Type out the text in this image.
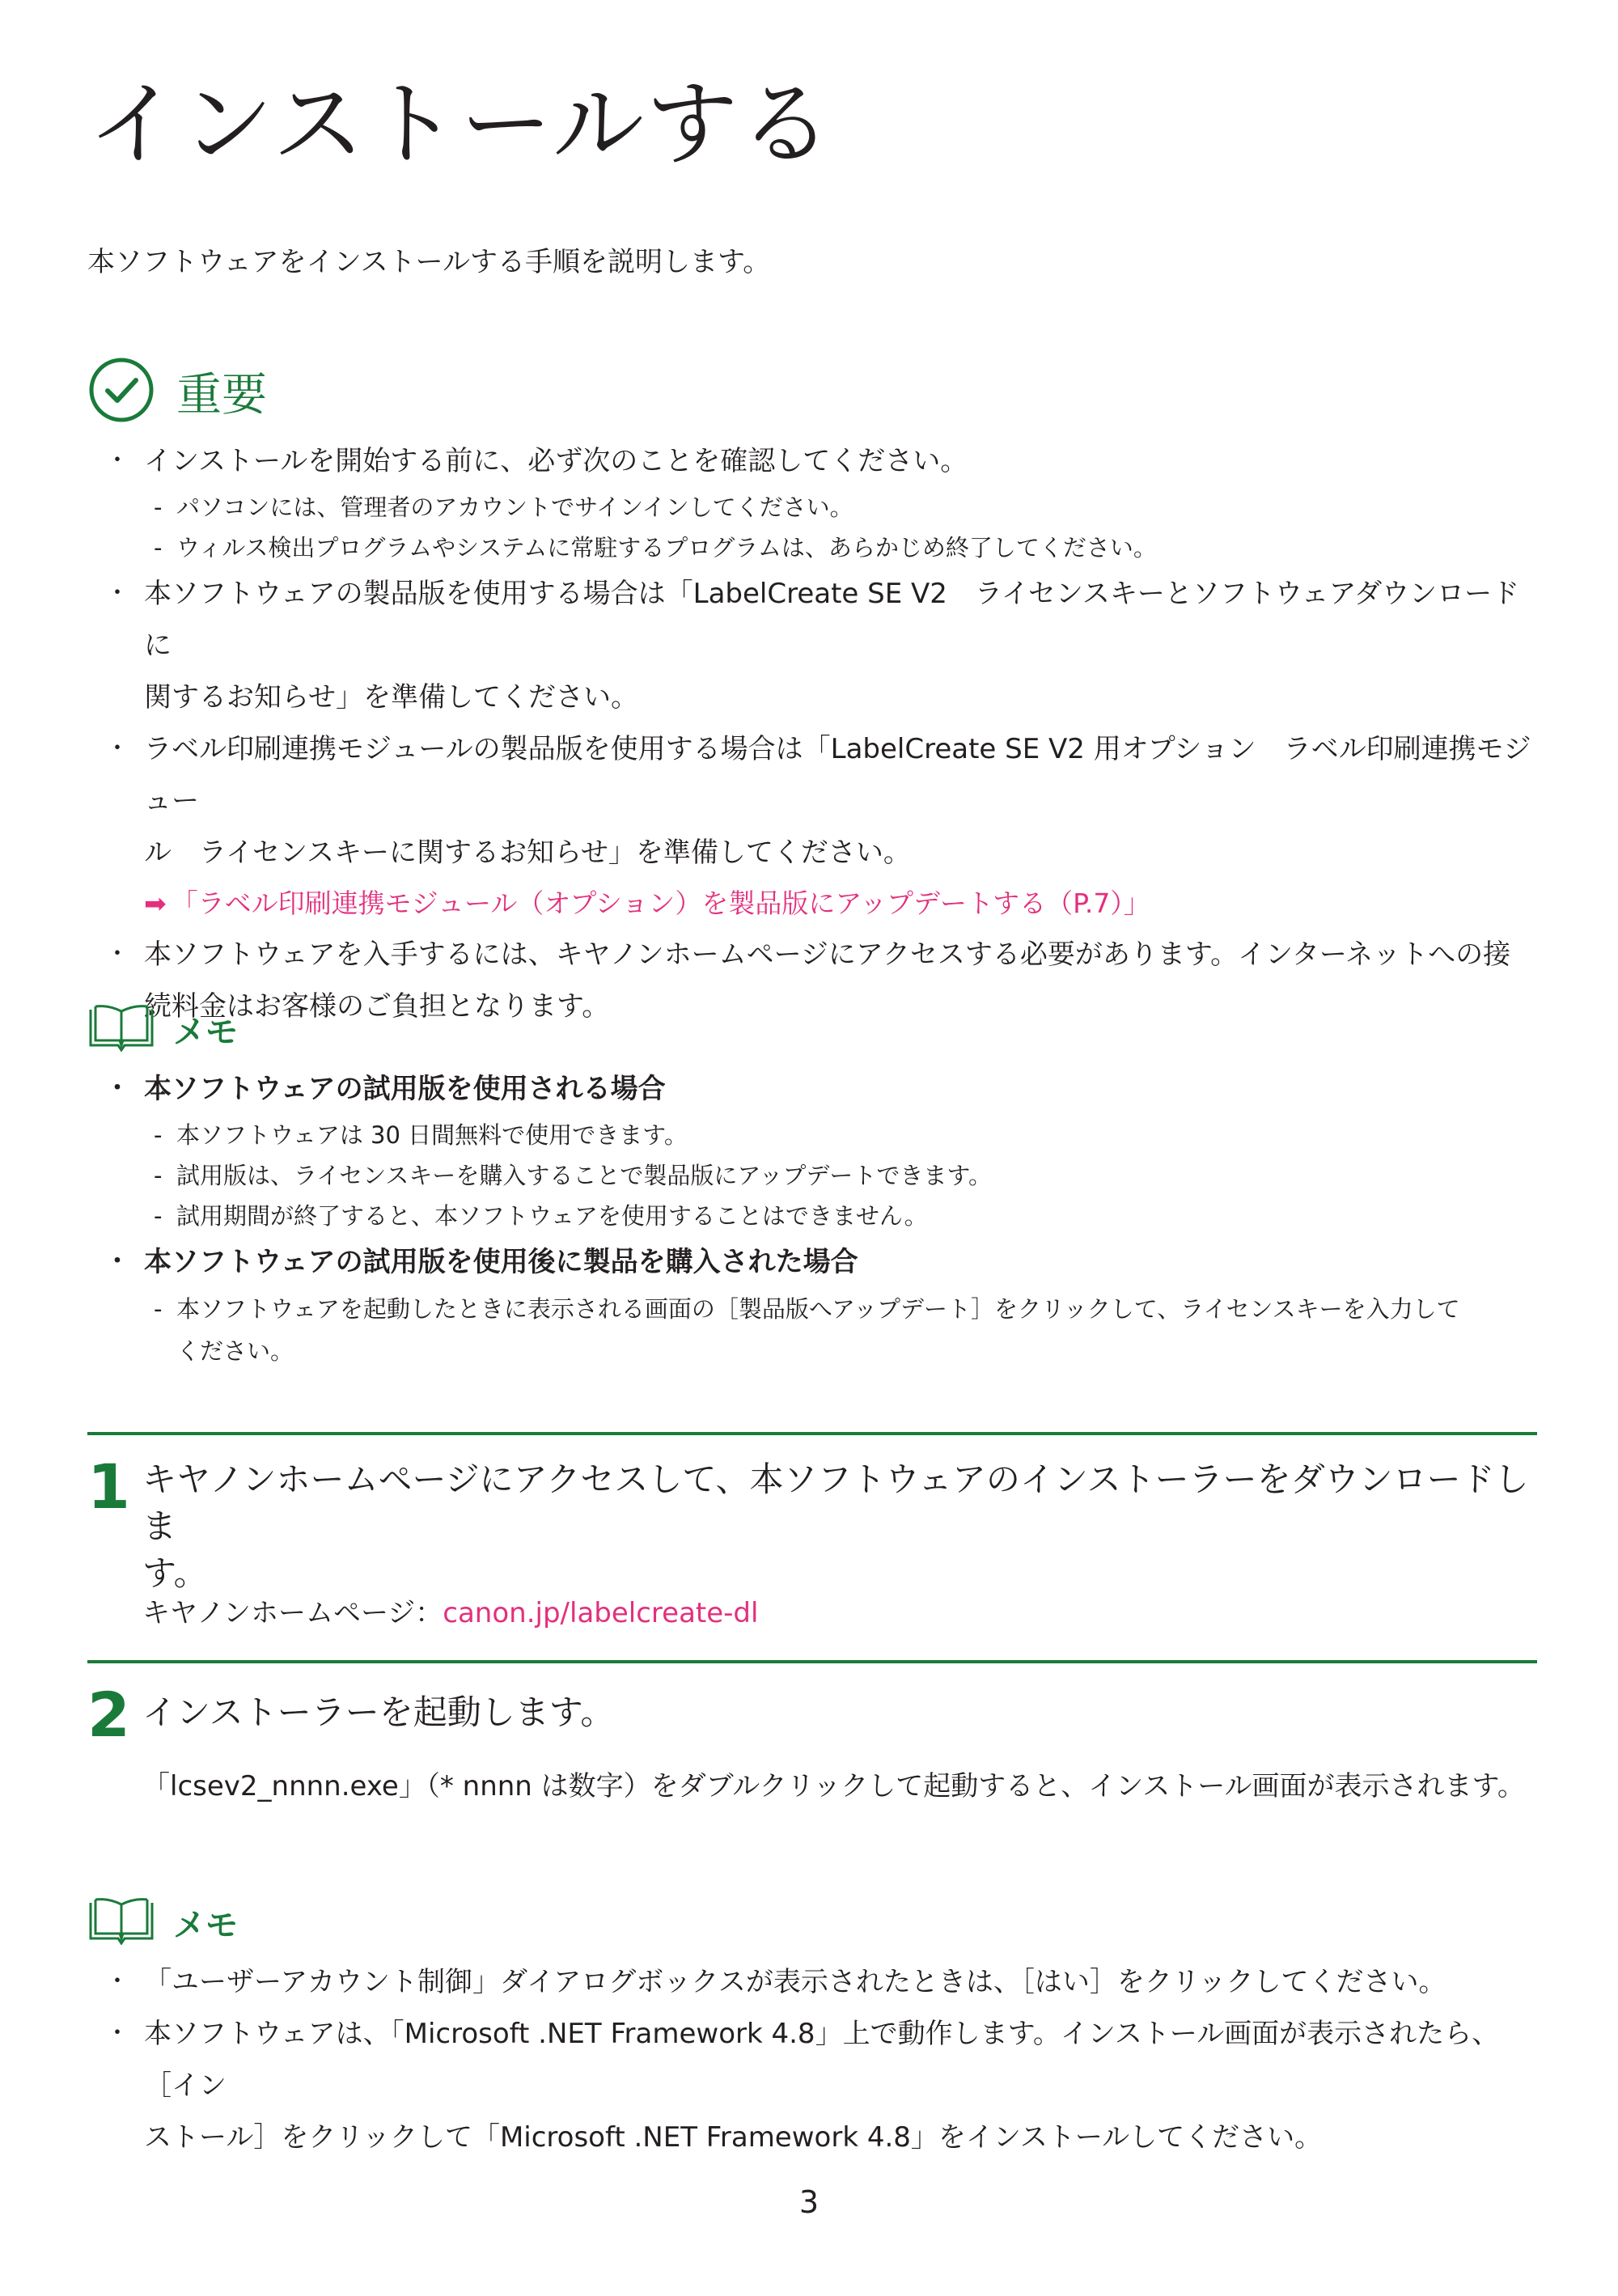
インストールする
本ソフトウェアをインストールする手順を説明します。
重要
・ インストールを開始する前に、必ず次のことを確認してください。
- パソコンには、管理者のアカウントでサインインしてください。
- ウィルス検出プログラムやシステムに常駐するプログラムは、あらかじめ終了してください。
・ 本ソフトウェアの製品版を使用する場合は「LabelCreate SE V2　ライセンスキーとソフトウェアダウンロードに
関するお知らせ」を準備してください。
・ ラベル印刷連携モジュールの製品版を使用する場合は「LabelCreate SE V2 用オプション　ラベル印刷連携モジュー
ル　ライセンスキーに関するお知らせ」を準備してください。
➡ 「ラベル印刷連携モジュール（オプション）を製品版にアップデートする（P.7）」
・ 本ソフトウェアを入手するには、キヤノンホームページにアクセスする必要があります。インターネットへの接
続料金はお客様のご負担となります。
メモ
・ 本ソフトウェアの試用版を使用される場合
- 本ソフトウェアは 30 日間無料で使用できます。
- 試用版は、ライセンスキーを購入することで製品版にアップデートできます。
- 試用期間が終了すると、本ソフトウェアを使用することはできません。
・ 本ソフトウェアの試用版を使用後に製品を購入された場合
- 本ソフトウェアを起動したときに表示される画面の［製品版へアップデート］をクリックして、ライセンスキーを入力して
ください。
1 キヤノンホームページにアクセスして、本ソフトウェアのインストーラーをダウンロードしま
す。
キヤノンホームページ：canon.jp/labelcreate-dl
2 インストーラーを起動します。
「lcsev2_nnnn.exe」（* nnnn は数字）をダブルクリックして起動すると、インストール画面が表示されます。
メモ
・ 「ユーザーアカウント制御」ダイアログボックスが表示されたときは、［はい］をクリックしてください。
・ 本ソフトウェアは、「Microsoft .NET Framework 4.8」上で動作します。インストール画面が表示されたら、［イン
ストール］をクリックして「Microsoft .NET Framework 4.8」をインストールしてください。
3
